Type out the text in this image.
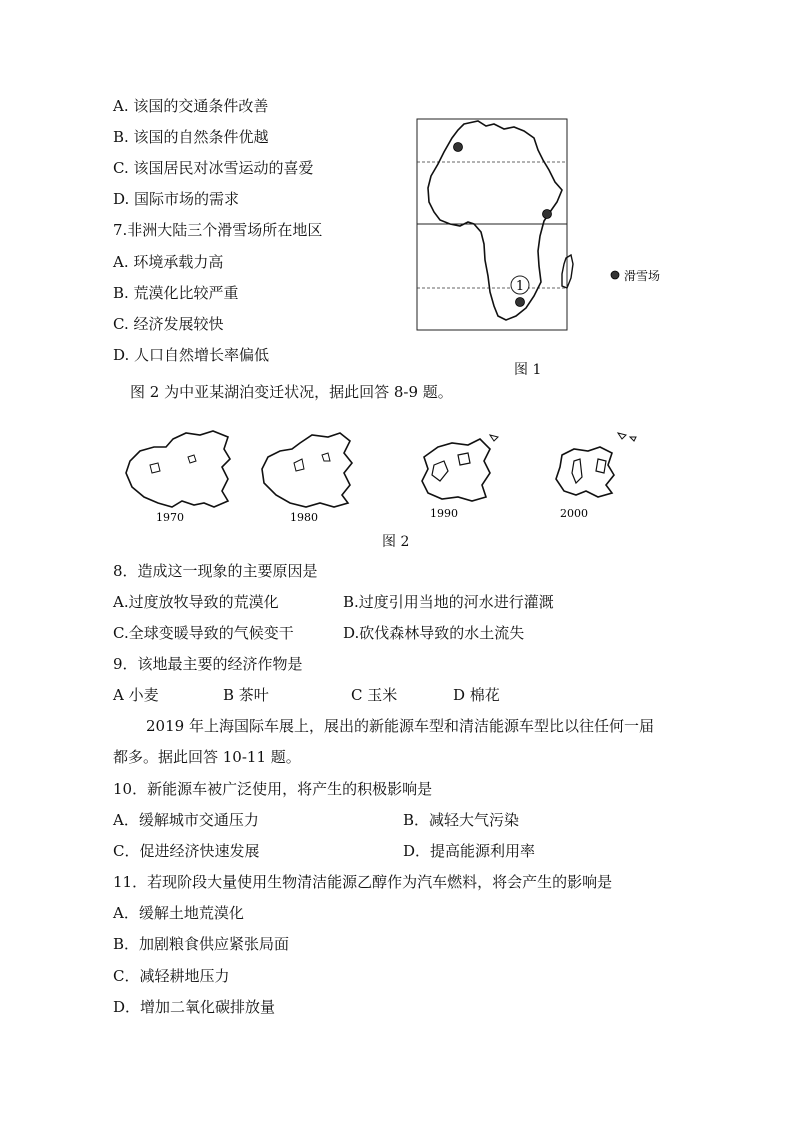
A. 该国的交通条件改善
B. 该国的自然条件优越
C. 该国居民对冰雪运动的喜爱
D. 国际市场的需求
7.非洲大陆三个滑雪场所在地区
A. 环境承载力高
B. 荒漠化比较严重
C. 经济发展较快
D. 人口自然增长率偏低
1
滑雪场
图 1
图 2 为中亚某湖泊变迁状况，据此回答 8-9 题。
1970	1980	1990	2000
图 2
8．造成这一现象的主要原因是
A.过度放牧导致的荒漠化	B.过度引用当地的河水进行灌溉
C.全球变暖导致的气候变干	D.砍伐森林导致的水土流失
9．该地最主要的经济作物是
A 小麦	B 茶叶	C 玉米	D 棉花
2019 年上海国际车展上，展出的新能源车型和清洁能源车型比以往任何一届
都多。据此回答 10-11 题。
10．新能源车被广泛使用，将产生的积极影响是
A．缓解城市交通压力	B．减轻大气污染
C．促进经济快速发展	D．提高能源利用率
11．若现阶段大量使用生物清洁能源乙醇作为汽车燃料，将会产生的影响是
A．缓解土地荒漠化
B．加剧粮食供应紧张局面
C．减轻耕地压力
D．增加二氧化碳排放量
